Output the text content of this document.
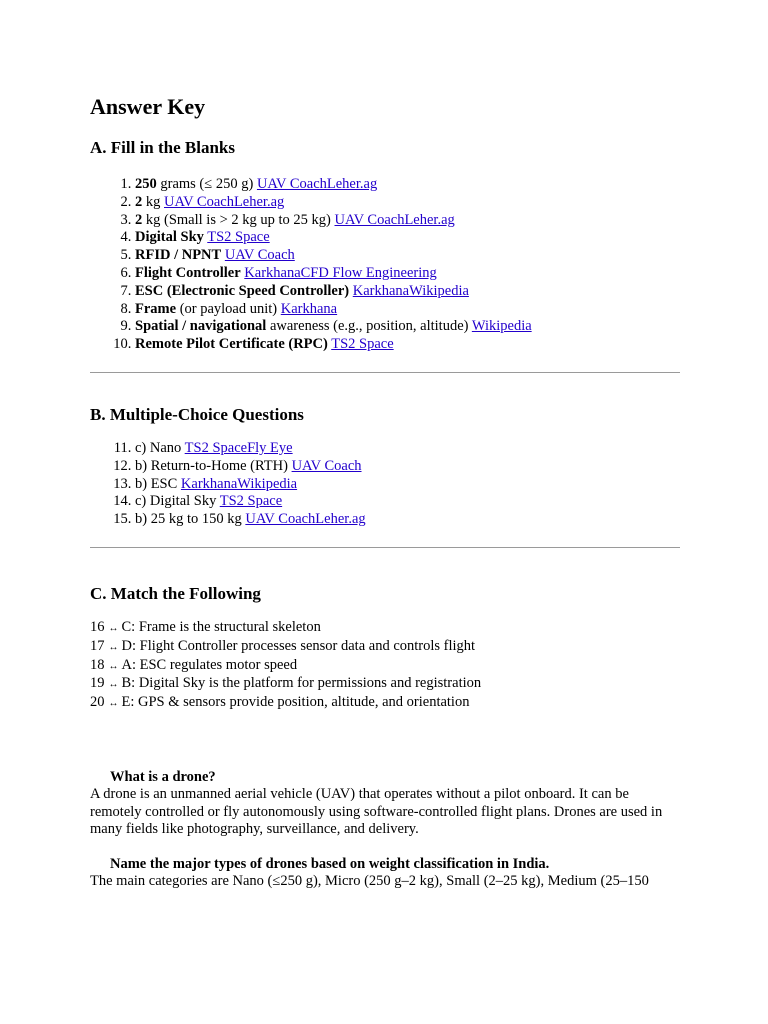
Answer Key
A. Fill in the Blanks
1. 250 grams (≤ 250 g) UAV CoachLeher.ag
2. 2 kg UAV CoachLeher.ag
3. 2 kg (Small is > 2 kg up to 25 kg) UAV CoachLeher.ag
4. Digital Sky TS2 Space
5. RFID / NPNT UAV Coach
6. Flight Controller KarkhanaCFD Flow Engineering
7. ESC (Electronic Speed Controller) KarkhanaWikipedia
8. Frame (or payload unit) Karkhana
9. Spatial / navigational awareness (e.g., position, altitude) Wikipedia
10. Remote Pilot Certificate (RPC) TS2 Space
B. Multiple-Choice Questions
11. c) Nano TS2 SpaceFly Eye
12. b) Return-to-Home (RTH) UAV Coach
13. b) ESC KarkhanaWikipedia
14. c) Digital Sky TS2 Space
15. b) 25 kg to 150 kg UAV CoachLeher.ag
C. Match the Following
16 ↔ C: Frame is the structural skeleton
17 ↔ D: Flight Controller processes sensor data and controls flight
18 ↔ A: ESC regulates motor speed
19 ↔ B: Digital Sky is the platform for permissions and registration
20 ↔ E: GPS & sensors provide position, altitude, and orientation
What is a drone?
A drone is an unmanned aerial vehicle (UAV) that operates without a pilot onboard. It can be remotely controlled or fly autonomously using software-controlled flight plans. Drones are used in many fields like photography, surveillance, and delivery.
Name the major types of drones based on weight classification in India.
The main categories are Nano (≤250 g), Micro (250 g–2 kg), Small (2–25 kg), Medium (25–150
